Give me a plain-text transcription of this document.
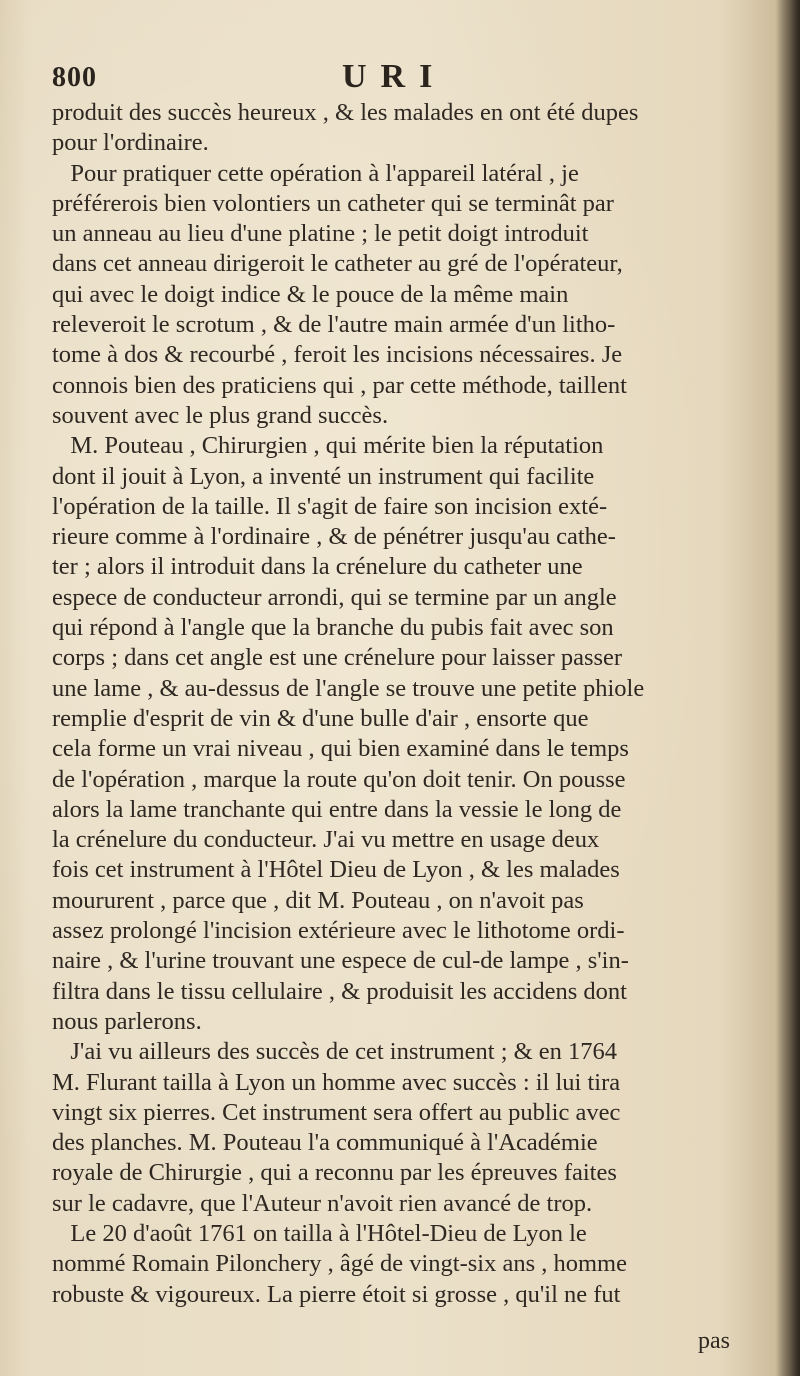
800	URI
produit des succès heureux , & les malades en ont été dupes
pour l'ordinaire.
Pour pratiquer cette opération à l'appareil latéral , je
préférerois bien volontiers un catheter qui se terminât par
un anneau au lieu d'une platine ; le petit doigt introduit
dans cet anneau dirigeroit le catheter au gré de l'opérateur,
qui avec le doigt indice & le pouce de la même main
releveroit le scrotum , & de l'autre main armée d'un litho-
tome à dos & recourbé , feroit les incisions nécessaires. Je
connois bien des praticiens qui , par cette méthode, taillent
souvent avec le plus grand succès.
M. Pouteau , Chirurgien , qui mérite bien la réputation
dont il jouit à Lyon, a inventé un instrument qui facilite
l'opération de la taille. Il s'agit de faire son incision exté-
rieure comme à l'ordinaire , & de pénétrer jusqu'au cathe-
ter ; alors il introduit dans la crénelure du catheter une
espece de conducteur arrondi, qui se termine par un angle
qui répond à l'angle que la branche du pubis fait avec son
corps ; dans cet angle est une crénelure pour laisser passer
une lame , & au-dessus de l'angle se trouve une petite phiole
remplie d'esprit de vin & d'une bulle d'air , ensorte que
cela forme un vrai niveau , qui bien examiné dans le temps
de l'opération , marque la route qu'on doit tenir. On pousse
alors la lame tranchante qui entre dans la vessie le long de
la crénelure du conducteur. J'ai vu mettre en usage deux
fois cet instrument à l'Hôtel Dieu de Lyon , & les malades
moururent , parce que , dit M. Pouteau , on n'avoit pas
assez prolongé l'incision extérieure avec le lithotome ordi-
naire , & l'urine trouvant une espece de cul-de lampe , s'in-
filtra dans le tissu cellulaire , & produisit les accidens dont
nous parlerons.
J'ai vu ailleurs des succès de cet instrument ; & en 1764
M. Flurant tailla à Lyon un homme avec succès : il lui tira
vingt six pierres. Cet instrument sera offert au public avec
des planches. M. Pouteau l'a communiqué à l'Académie
royale de Chirurgie , qui a reconnu par les épreuves faites
sur le cadavre, que l'Auteur n'avoit rien avancé de trop.
Le 20 d'août 1761 on tailla à l'Hôtel-Dieu de Lyon le
nommé Romain Pilonchery , âgé de vingt-six ans , homme
robuste & vigoureux. La pierre étoit si grosse , qu'il ne fut
pas
